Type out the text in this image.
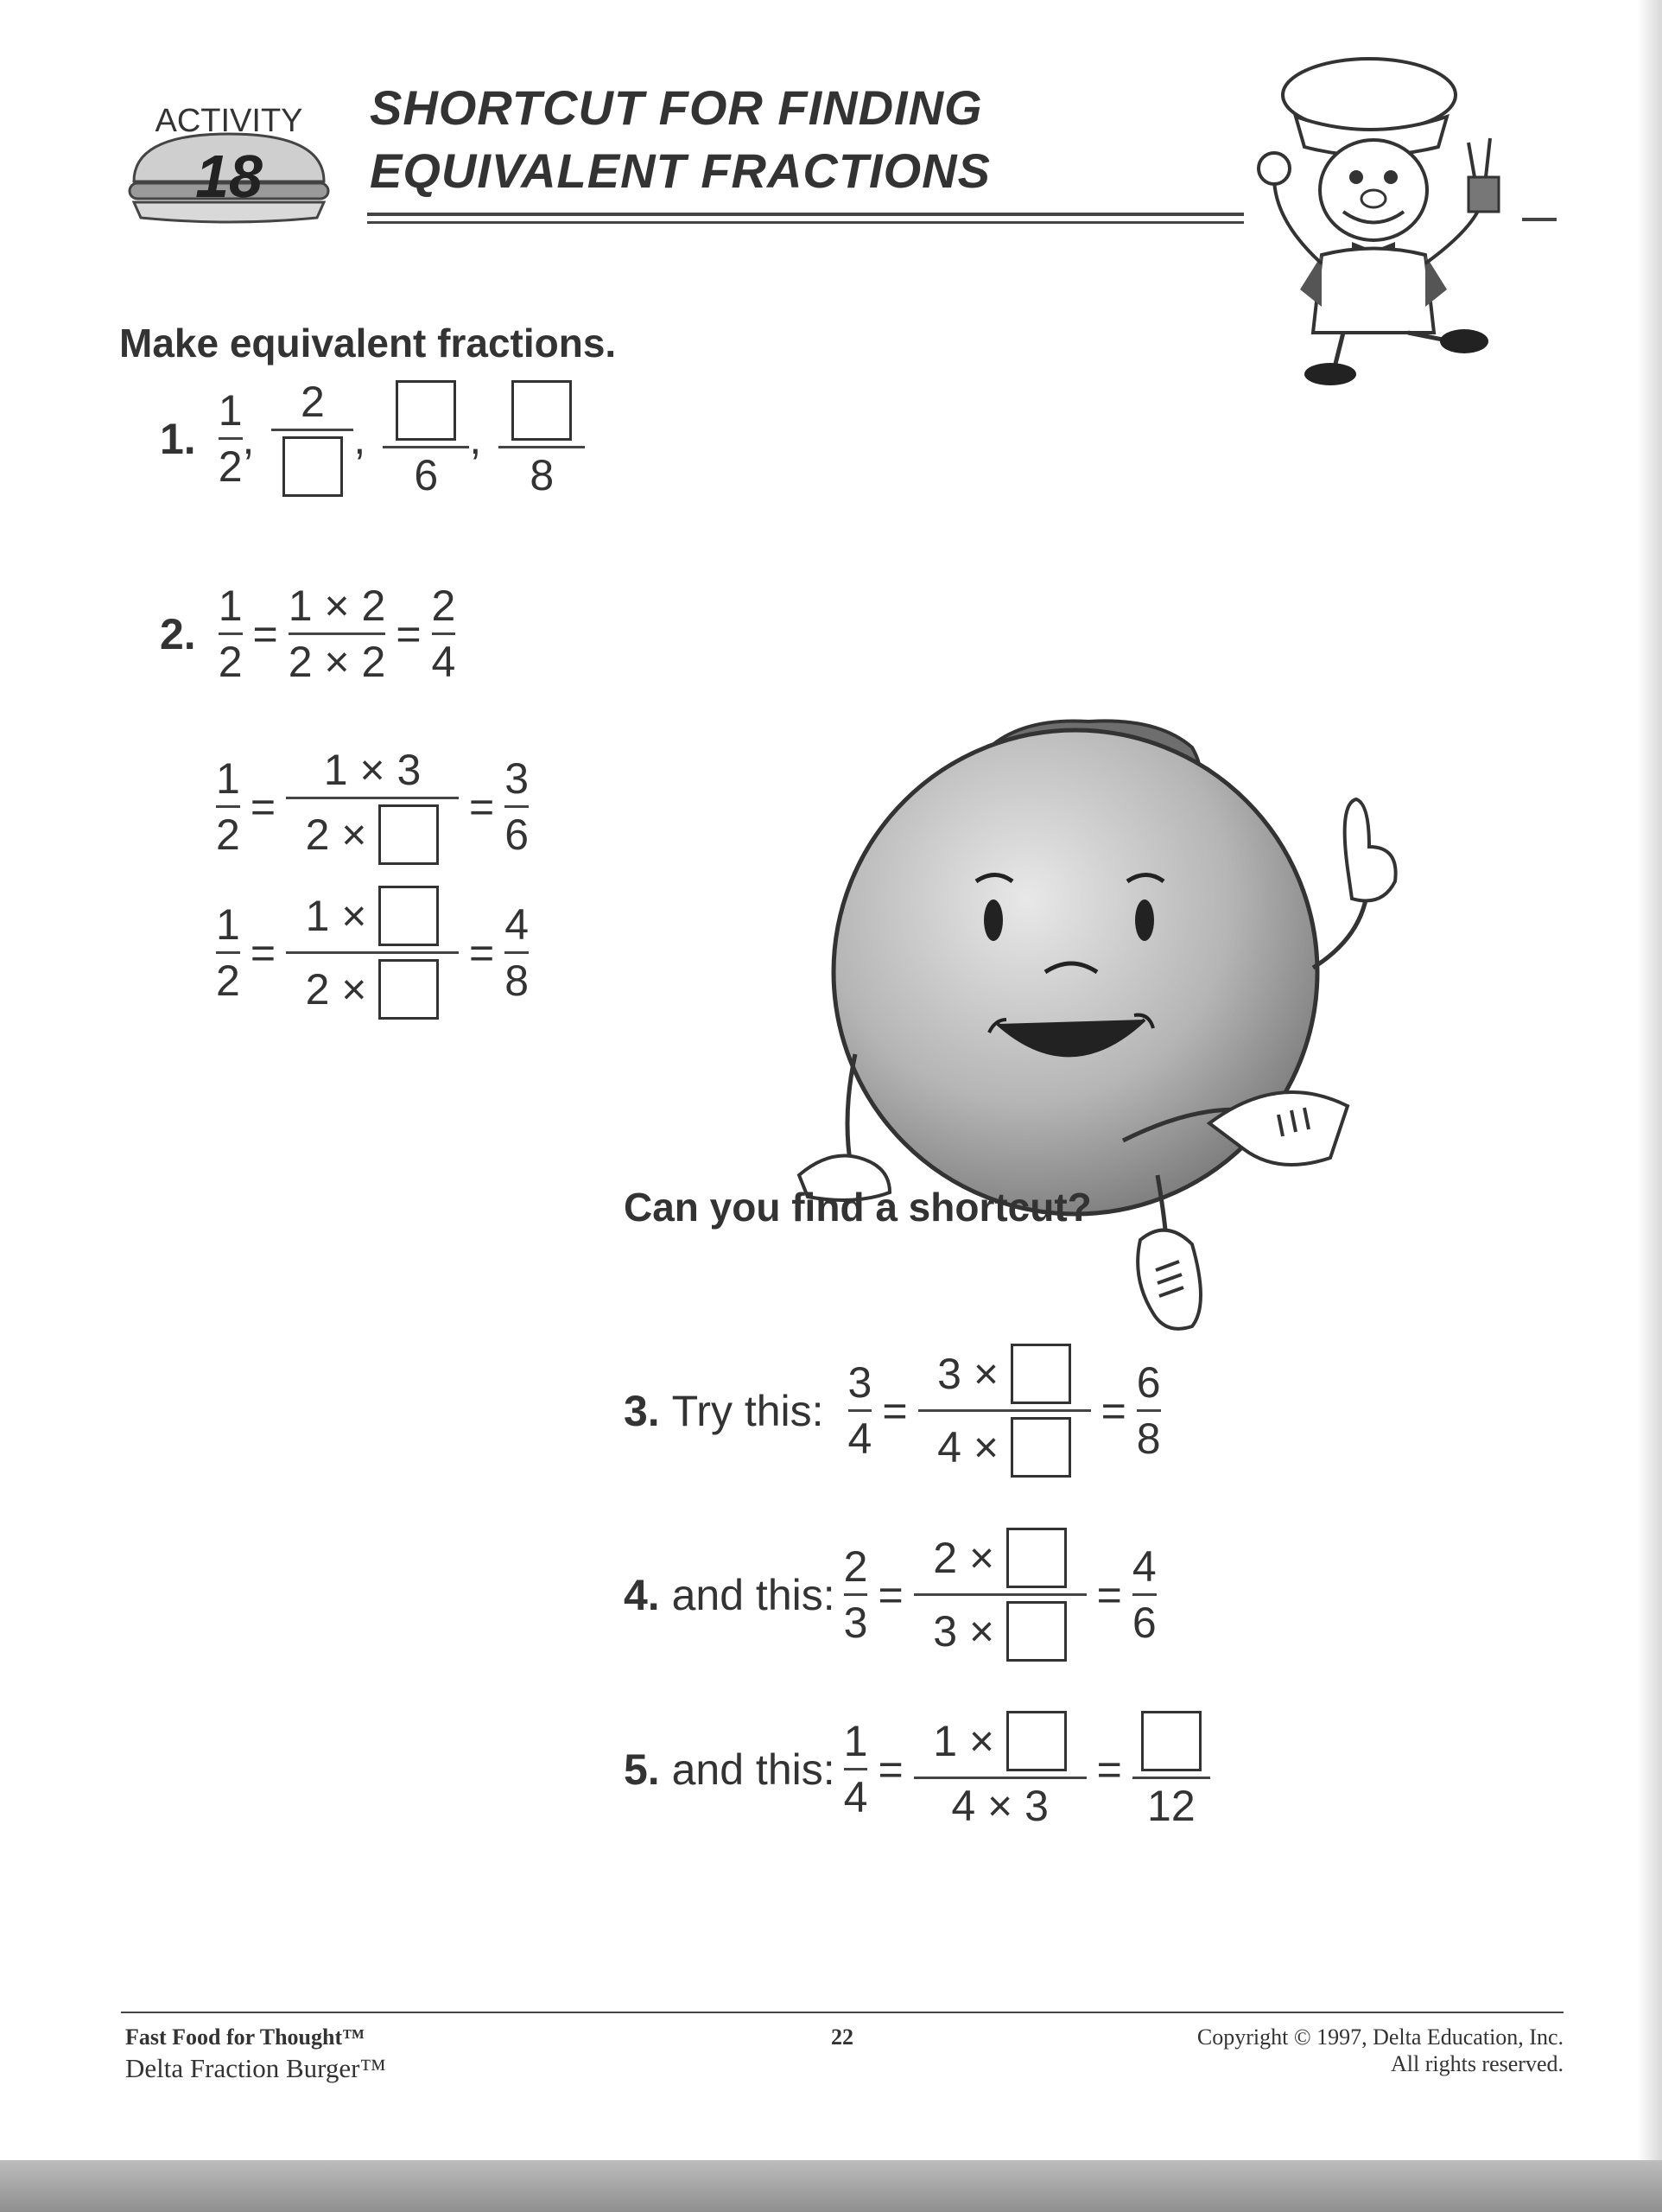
ACTIVITY
18
SHORTCUT FOR FINDING
EQUIVALENT FRACTIONS
Make equivalent fractions.
1. $\frac{1}{2}$ ,
2
,
6
,
8
2. $\frac{1}{2} = \frac{1 \times 2}{2 \times 2} = \frac{2}{4}$
$\frac{1}{2} = \frac{1 \times 3}{2 \times}$
= $\frac{3}{6}$
$\frac{1}{2} = \frac{1 \times}{2 \times}$
= $\frac{4}{8}$
Can you find a shortcut?
3.
Try this: $\frac{3}{4} = \frac{3 \times}{4 \times}$
= $\frac{6}{8}$
4.
and this: $\frac{2}{3} = \frac{2 \times}{3 \times}$
= $\frac{4}{6}$
5.
and this: $\frac{1}{4} = \frac{1 \times}{4 \times 3}$ =
12
Fast Food for Thought™
Delta Fraction Burger™
22	Copyright © 1997, Delta Education, Inc.
All rights reserved.
